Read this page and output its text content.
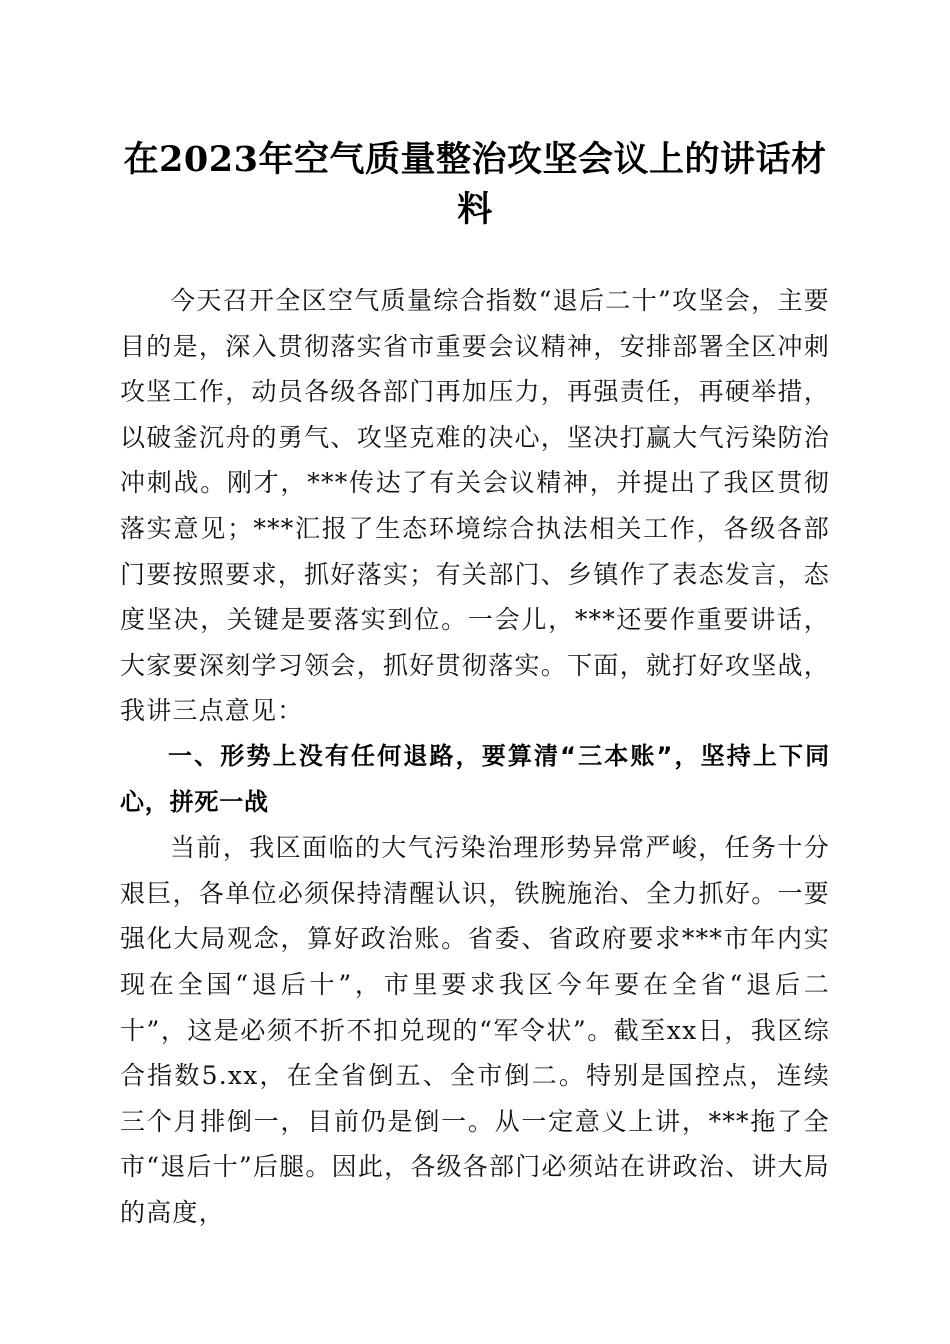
在2023年空气质量整治攻坚会议上的讲话材料

今天召开全区空气质量综合指数“退后二十”攻坚会，主要目的是，深入贯彻落实省市重要会议精神，安排部署全区冲刺攻坚工作，动员各级各部门再加压力，再强责任，再硬举措，以破釜沉舟的勇气、攻坚克难的决心，坚决打赢大气污染防治冲刺战。刚才，***传达了有关会议精神，并提出了我区贯彻落实意见；***汇报了生态环境综合执法相关工作，各级各部门要按照要求，抓好落实；有关部门、乡镇作了表态发言，态度坚决，关键是要落实到位。一会儿，***还要作重要讲话，大家要深刻学习领会，抓好贯彻落实。下面，就打好攻坚战，我讲三点意见：

一、形势上没有任何退路，要算清“三本账”，坚持上下同心，拼死一战

当前，我区面临的大气污染治理形势异常严峻，任务十分艰巨，各单位必须保持清醒认识，铁腕施治、全力抓好。一要强化大局观念，算好政治账。省委、省政府要求***市年内实现在全国“退后十”，市里要求我区今年要在全省“退后二十”，这是必须不折不扣兑现的“军令状”。截至xx日，我区综合指数5.xx，在全省倒五、全市倒二。特别是国控点，连续三个月排倒一，目前仍是倒一。从一定意义上讲，***拖了全市“退后十”后腿。因此，各级各部门必须站在讲政治、讲大局的高度，
